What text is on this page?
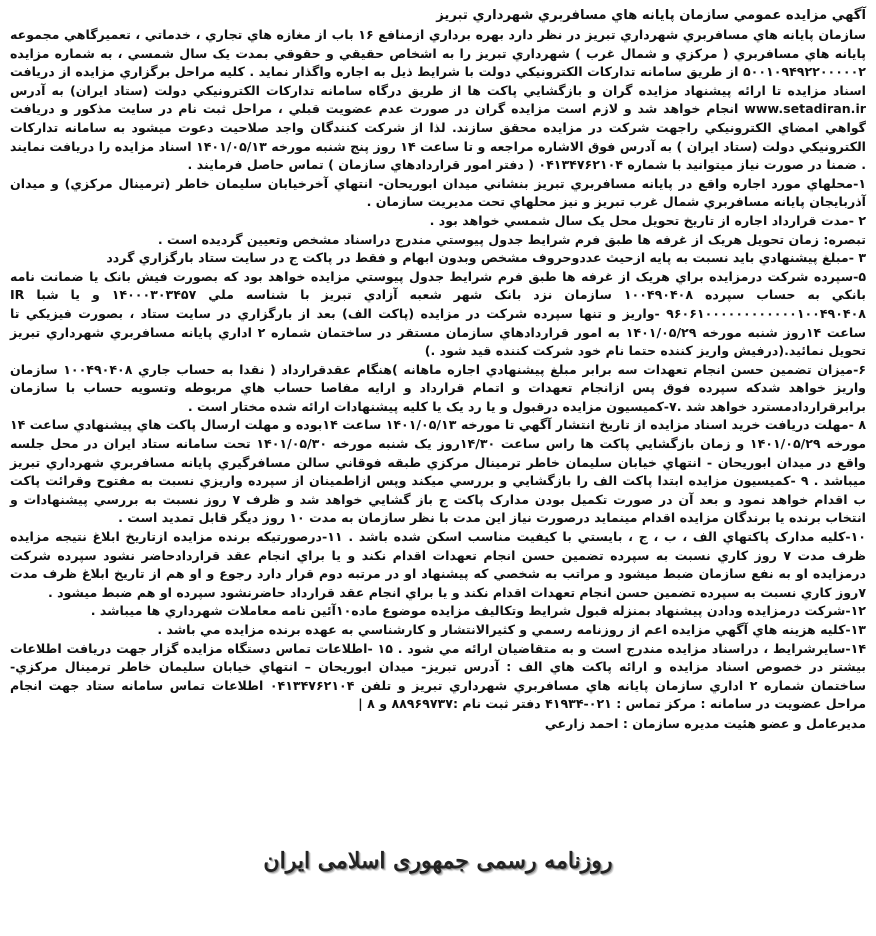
آگهي مزايده عمومي سازمان پايانه هاي مسافربري شهرداري تبريز

سازمان پايانه هاي مسافربري شهرداري تبريز در نظر دارد بهره برداري ازمنافع ۱۶ باب از مغازه هاي تجاري ، خدماتي ، تعميرگاهي مجموعه پايانه هاي مسافربري ( مركزي و شمال غرب ) شهرداري تبريز را به اشخاص حقيقي و حقوقي بمدت يک سال شمسي ، به شماره مزايده ۵۰۰۱۰۹۴۹۲۲۰۰۰۰۰۲ از طريق سامانه تداركات الكترونيكي دولت با شرايط ذيل به اجاره واگذار نمايد . كليه مراحل برگزاري مزايده از دريافت اسناد مزايده تا ارائه پيشنهاد مزايده گران و بازگشايي پاكت ها از طريق درگاه سامانه تداركات الكترونيكي دولت (ستاد ايران) به آدرس www.setadiran.ir انجام خواهد شد و لازم است مزايده گران در صورت عدم عضويت قبلي ، مراحل ثبت نام در سايت مذكور و دريافت گواهي امضاي الكترونيكي راجهت شركت در مزايده محقق سازند. لذا از شركت كنندگان واجد صلاحيت دعوت ميشود به سامانه تداركات الكترونيكي دولت (ستاد ايران ) به آدرس فوق الاشاره مراجعه و تا ساعت ۱۴ روز پنج شنبه مورخه ۱۴۰۱/۰۵/۱۳ اسناد مزايده را دريافت نمايند . ضمنا در صورت نياز ميتوانيد با شماره ۰۴۱۳۴۷۶۲۱۰۴ ( دفتر امور قراردادهاي سازمان ) تماس حاصل فرمايند .

۱-محلهاي مورد اجاره واقع در پايانه مسافربري تبريز بنشاني ميدان ابوريحان- انتهاي آخرخيابان سليمان خاطر (ترمينال مركزي) و ميدان آذربايجان پايانه مسافربري شمال غرب تبريز و نيز محلهاي تحت مديريت سازمان .

۲ -مدت قرارداد اجاره از تاريخ تحويل محل يک سال شمسي خواهد بود .

تبصره: زمان تحويل هريک از غرفه ها طبق فرم شرايط جدول پيوستي مندرج دراسناد مشخص وتعيين گرديده است .

۳ -مبلغ پيشنهادي بايد نسبت به پايه ازحيث عددوحروف مشخص وبدون ابهام و فقط در پاكت ج در سايت ستاد بارگزاري گردد

۵-سپرده شركت درمزايده براي هريک از غرفه ها طبق فرم شرايط جدول پيوستي مزايده خواهد بود كه بصورت فيش بانک يا ضمانت نامه بانكي به حساب سپرده ۱۰۰۴۹۰۴۰۸ سازمان نزد بانک شهر شعبه آزادي تبريز با شناسه ملي ۱۴۰۰۰۳۰۳۴۵۷ و يا شبا IR ۹۶۰۶۱۰۰۰۰۰۰۰۰۰۰۰۰۱۰۰۴۹۰۴۰۸ -واريز و تنها سپرده شركت در مزايده (پاكت الف) بعد از بارگزاري در سايت ستاد ، بصورت فيزيكي تا ساعت ۱۴روز شنبه مورخه ۱۴۰۱/۰۵/۲۹ به امور قراردادهاي سازمان مستقر در ساختمان شماره ۲ اداري پايانه مسافربري شهرداري تبريز تحويل نمائيد.(درفيش واريز كننده حتما نام خود شركت كننده قيد شود .)

۶-ميزان تضمين حسن انجام تعهدات سه برابر مبلغ پيشنهادي اجاره ماهانه )هنگام عقدقرارداد ( نقدا به حساب جاري ۱۰۰۴۹۰۴۰۸ سازمان واريز خواهد شدكه سپرده فوق پس ازانجام تعهدات و اتمام قرارداد و ارايه مفاصا حساب هاي مربوطه وتسويه حساب با سازمان برابرقراردادمسترد خواهد شد .۷-كميسيون مزايده درقبول و يا رد يک يا كليه پيشنهادات ارائه شده مختار است .

۸ -مهلت دريافت خريد اسناد مزايده از تاريخ انتشار آگهي تا مورخه ۱۴۰۱/۰۵/۱۳ ساعت ۱۴بوده و مهلت ارسال پاكت هاي پيشنهادي ساعت ۱۴ مورخه ۱۴۰۱/۰۵/۲۹ و زمان بازگشايي پاكت ها راس ساعت ۱۴/۳۰روز يک شنبه مورخه ۱۴۰۱/۰۵/۳۰ تحت سامانه ستاد ايران در محل جلسه واقع در ميدان ابوريحان - انتهاي خيابان سليمان خاطر ترمينال مركزي طبقه فوقاني سالن مسافرگيري پايانه مسافربري شهرداري تبريز ميباشد . ۹ -كميسيون مزايده ابتدا پاكت الف را بازگشايي و بررسي ميكند وپس ازاطمينان از سپرده واريزي نسبت به مفتوح وقرائت پاكت ب اقدام خواهد نمود و بعد آن در صورت تكميل بودن مدارک پاكت ج باز گشايي خواهد شد و ظرف ۷ روز نسبت به بررسي پيشنهادات و انتخاب برنده يا برندگان مزايده اقدام مينمايد درصورت نياز اين مدت با نظر سازمان به مدت ۱۰ روز ديگر قابل تمديد است .

۱۰-كليه مدارک پاكتهاي الف ، ب ، ج ، بايستي با كيفيت مناسب اسكن شده باشد . ۱۱-درصورتيكه برنده مزايده ازتاريخ ابلاغ نتيجه مزايده ظرف مدت ۷ روز كاري نسبت به سپرده تضمين حسن انجام تعهدات اقدام نكند و يا براي انجام عقد قراردادحاضر نشود سپرده شركت درمزايده او به نفع سازمان ضبط ميشود و مراتب به شخصي كه پيشنهاد او در مرتبه دوم قرار دارد رجوع و او هم از تاريخ ابلاغ ظرف مدت ۷روز كاري نسبت به سپرده تضمين حسن انجام تعهدات اقدام نكند و يا براي انجام عقد قرارداد حاضرنشود سپرده او هم ضبط ميشود .

۱۲-شركت درمزايده ودادن پيشنهاد بمنزله قبول شرايط وتكاليف مزايده موضوع ماده۱۰آئين نامه معاملات شهرداري ها ميباشد .

۱۳-كليه هزينه هاي آگهي مزايده اعم از روزنامه رسمي و كثيرالانتشار و كارشناسي به عهده برنده مزايده مي باشد .

۱۴-سايرشرايط ، دراسناد مزايده مندرج است و به متقاضيان ارائه مي شود . ۱۵ -اطلاعات تماس دستگاه مزايده گزار جهت دريافت اطلاعات بيشتر در خصوص اسناد مزايده و ارائه پاكت هاي الف : آدرس تبريز- ميدان ابوريحان – انتهاي خيابان سليمان خاطر ترمينال مركزي- ساختمان شماره ۲ اداري سازمان پايانه هاي مسافربري شهرداري تبريز و تلفن ۰۴۱۳۴۷۶۲۱۰۴ اطلاعات تماس سامانه ستاد جهت انجام مراحل عضويت در سامانه : مركز تماس : ۰۲۱-۴۱۹۳۴ دفتر ثبت نام :۸۸۹۶۹۷۳۷ و ۸ |

مديرعامل و عضو هئيت مديره سازمان : احمد زارعي

روزنامه رسمی جمهوری اسلامی ایران
